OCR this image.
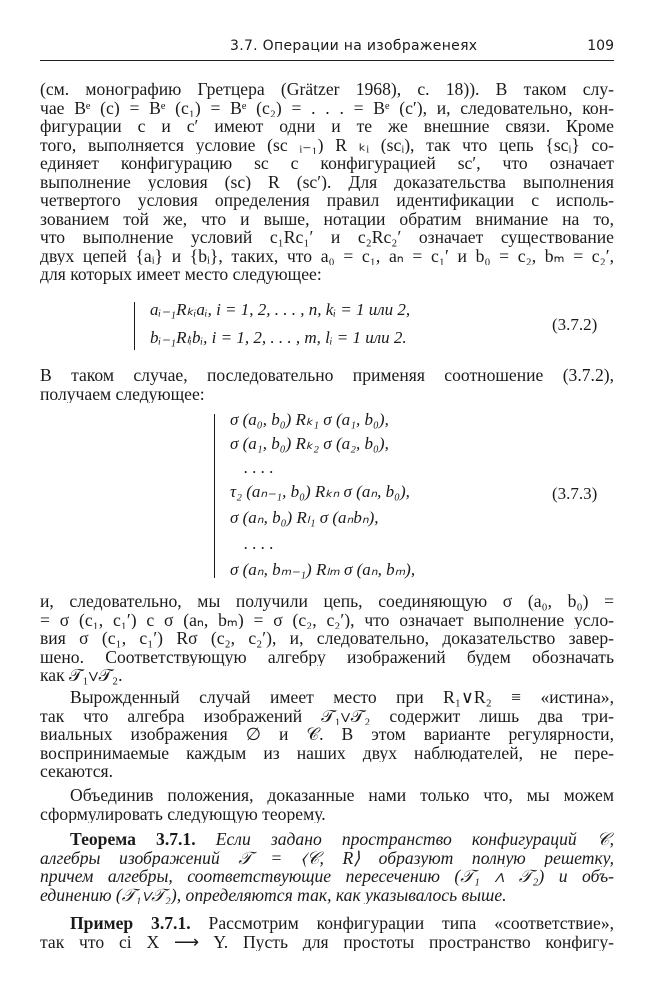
3.7. Операции на изображенеях	109
(см. монографию Гретцера (Grätzer 1968), с. 18)). В таком слу-
чае Bᵉ (c) = Bᵉ (c₁) = Bᵉ (c₂) = . . . = Bᵉ (c′), и, следовательно, кон-
фигурации c и c′ имеют одни и те же внешние связи. Кроме
того, выполняется условие (sc ᵢ₋₁) R ₖᵢ (scᵢ), так что цепь {scᵢ} со-
единяет конфигурацию sc с конфигурацией sc′, что означает
выполнение условия (sc) R (sc′). Для доказательства выполнения
четвертого условия определения правил идентификации с исполь-
зованием той же, что и выше, нотации обратим внимание на то,
что выполнение условий c₁Rc₁′ и c₂Rc₂′ означает существование
двух цепей {aᵢ} и {bᵢ}, таких, что a₀ = c₁, aₙ = c₁′ и b₀ = c₂, bₘ = c₂′,
для которых имеет место следующее:
aᵢ₋₁Rₖᵢaᵢ, i = 1, 2, . . . , n, kᵢ = 1 или 2,
bᵢ₋₁Rₗᵢbᵢ, i = 1, 2, . . . , m, lᵢ = 1 или 2.
(3.7.2)
В таком случае, последовательно применяя соотношение (3.7.2),
получаем следующее:
σ (a₀, b₀) Rₖ₁ σ (a₁, b₀),
σ (a₁, b₀) Rₖ₂ σ (a₂, b₀),
. . . .
τ₂ (aₙ₋₁, b₀) Rₖₙ σ (aₙ, b₀),
σ (aₙ, b₀) Rₗ₁ σ (aₙbₙ),
. . . .
σ (aₙ, bₘ₋₁) Rₗₘ σ (aₙ, bₘ),
(3.7.3)
и, следовательно, мы получили цепь, соединяющую σ (a₀, b₀) =
= σ (c₁, c₁′) с σ (aₙ, bₘ) = σ (c₂, c₂′), что означает выполнение усло-
вия σ (c₁, c₁′) Rσ (c₂, c₂′), и, следовательно, доказательство завер-
шено. Соответствующую алгебру изображений будем обозначать
как 𝒯₁∨𝒯₂.
Вырожденный случай имеет место при R₁∨R₂ ≡ «истина»,
так что алгебра изображений 𝒯₁∨𝒯₂ содержит лишь два три-
виальных изображения ∅ и 𝒞. В этом варианте регулярности,
воспринимаемые каждым из наших двух наблюдателей, не пере-
секаются.
Объединив положения, доказанные нами только что, мы можем
сформулировать следующую теорему.
Теорема 3.7.1. Если задано пространство конфигураций 𝒞,
алгебры изображений 𝒯 = ⟨𝒞, R⟩ образуют полную решетку,
причем алгебры, соответствующие пересечению (𝒯₁ ∧ 𝒯₂) и объ-
единению (𝒯₁∨𝒯₂), определяются так, как указывалось выше.
Пример 3.7.1. Рассмотрим конфигурации типа «соответствие»,
так что ci X ⟶ Y. Пусть для простоты пространство конфигу-
